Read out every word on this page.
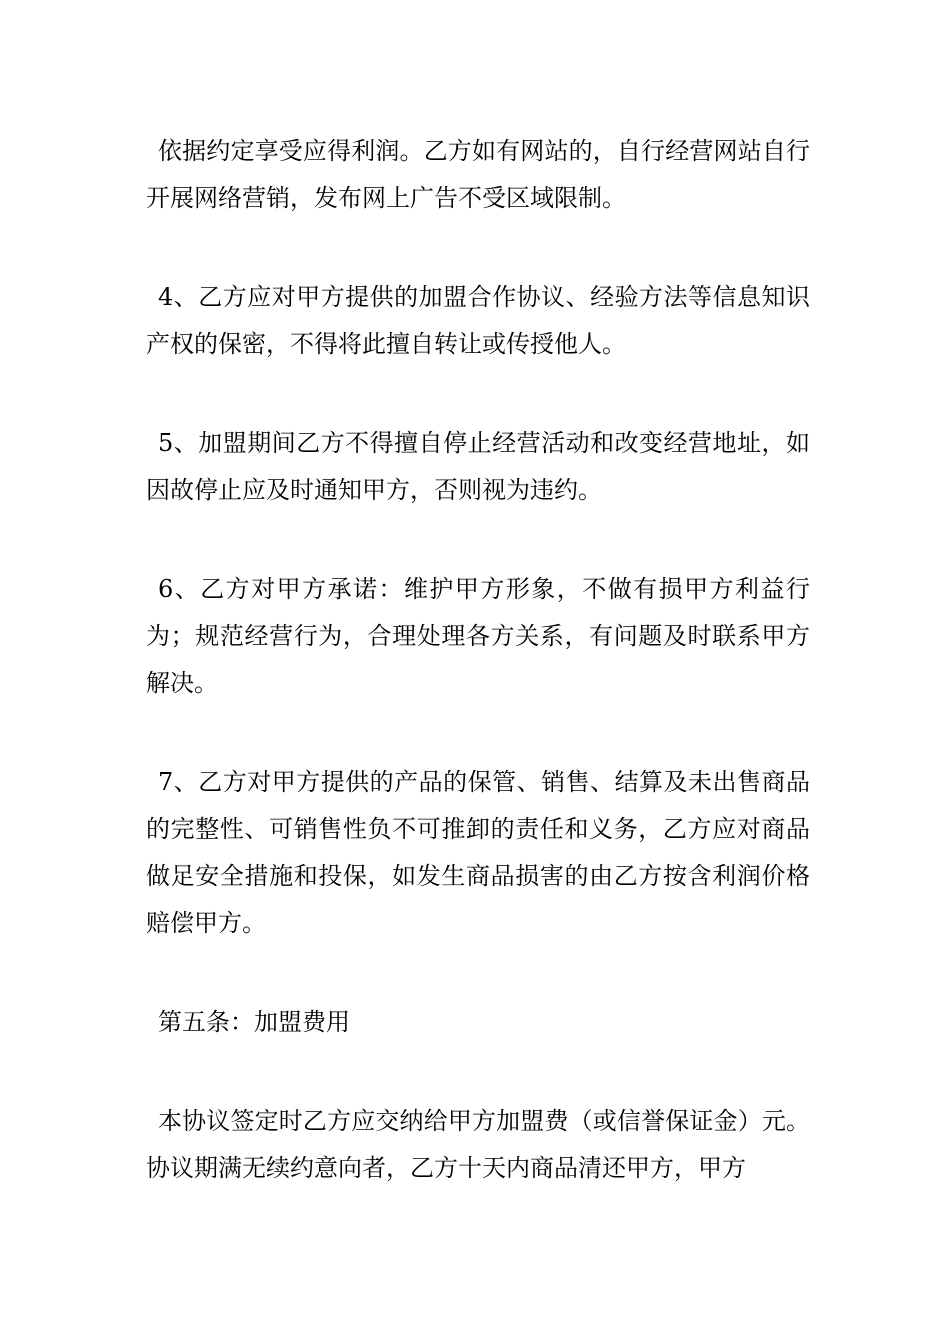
依据约定享受应得利润。乙方如有网站的，自行经营网站自行开展网络营销，发布网上广告不受区域限制。

4、乙方应对甲方提供的加盟合作协议、经验方法等信息知识产权的保密，不得将此擅自转让或传授他人。

5、加盟期间乙方不得擅自停止经营活动和改变经营地址，如因故停止应及时通知甲方，否则视为违约。

6、乙方对甲方承诺：维护甲方形象，不做有损甲方利益行为；规范经营行为，合理处理各方关系，有问题及时联系甲方解决。

7、乙方对甲方提供的产品的保管、销售、结算及未出售商品的完整性、可销售性负不可推卸的责任和义务，乙方应对商品做足安全措施和投保，如发生商品损害的由乙方按含利润价格赔偿甲方。

第五条：加盟费用

本协议签定时乙方应交纳给甲方加盟费（或信誉保证金）元。协议期满无续约意向者，乙方十天内商品清还甲方，甲方
